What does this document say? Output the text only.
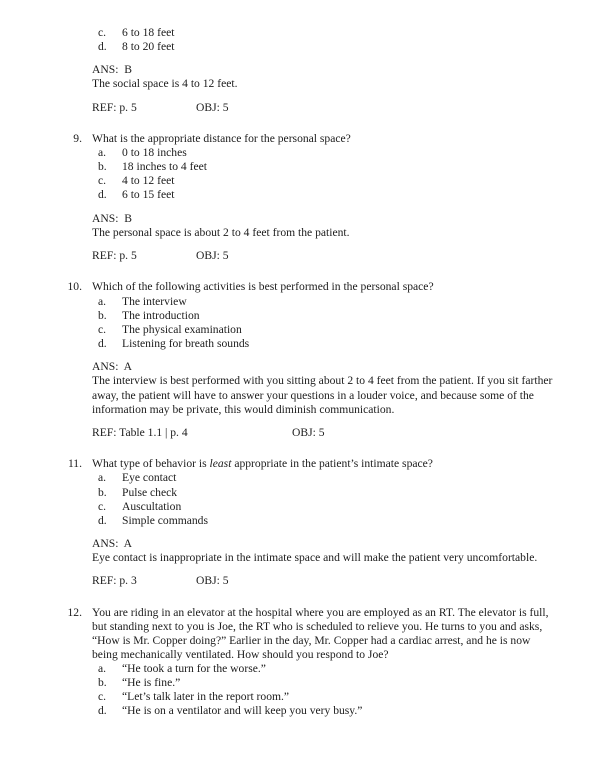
c.	6 to 18 feet
d.	8 to 20 feet
ANS:  B
The social space is 4 to 12 feet.
REF: p. 5	OBJ: 5
9. What is the appropriate distance for the personal space?
a.	0 to 18 inches
b.	18 inches to 4 feet
c.	4 to 12 feet
d.	6 to 15 feet
ANS:  B
The personal space is about 2 to 4 feet from the patient.
REF: p. 5	OBJ: 5
10. Which of the following activities is best performed in the personal space?
a.	The interview
b.	The introduction
c.	The physical examination
d.	Listening for breath sounds
ANS:  A
The interview is best performed with you sitting about 2 to 4 feet from the patient. If you sit farther away, the patient will have to answer your questions in a louder voice, and because some of the information may be private, this would diminish communication.
REF: Table 1.1 | p. 4	OBJ: 5
11. What type of behavior is least appropriate in the patient’s intimate space?
a.	Eye contact
b.	Pulse check
c.	Auscultation
d.	Simple commands
ANS:  A
Eye contact is inappropriate in the intimate space and will make the patient very uncomfortable.
REF: p. 3	OBJ: 5
12. You are riding in an elevator at the hospital where you are employed as an RT. The elevator is full, but standing next to you is Joe, the RT who is scheduled to relieve you. He turns to you and asks, “How is Mr. Copper doing?” Earlier in the day, Mr. Copper had a cardiac arrest, and he is now being mechanically ventilated. How should you respond to Joe?
a.	“He took a turn for the worse.”
b.	“He is fine.”
c.	“Let’s talk later in the report room.”
d.	“He is on a ventilator and will keep you very busy.”
